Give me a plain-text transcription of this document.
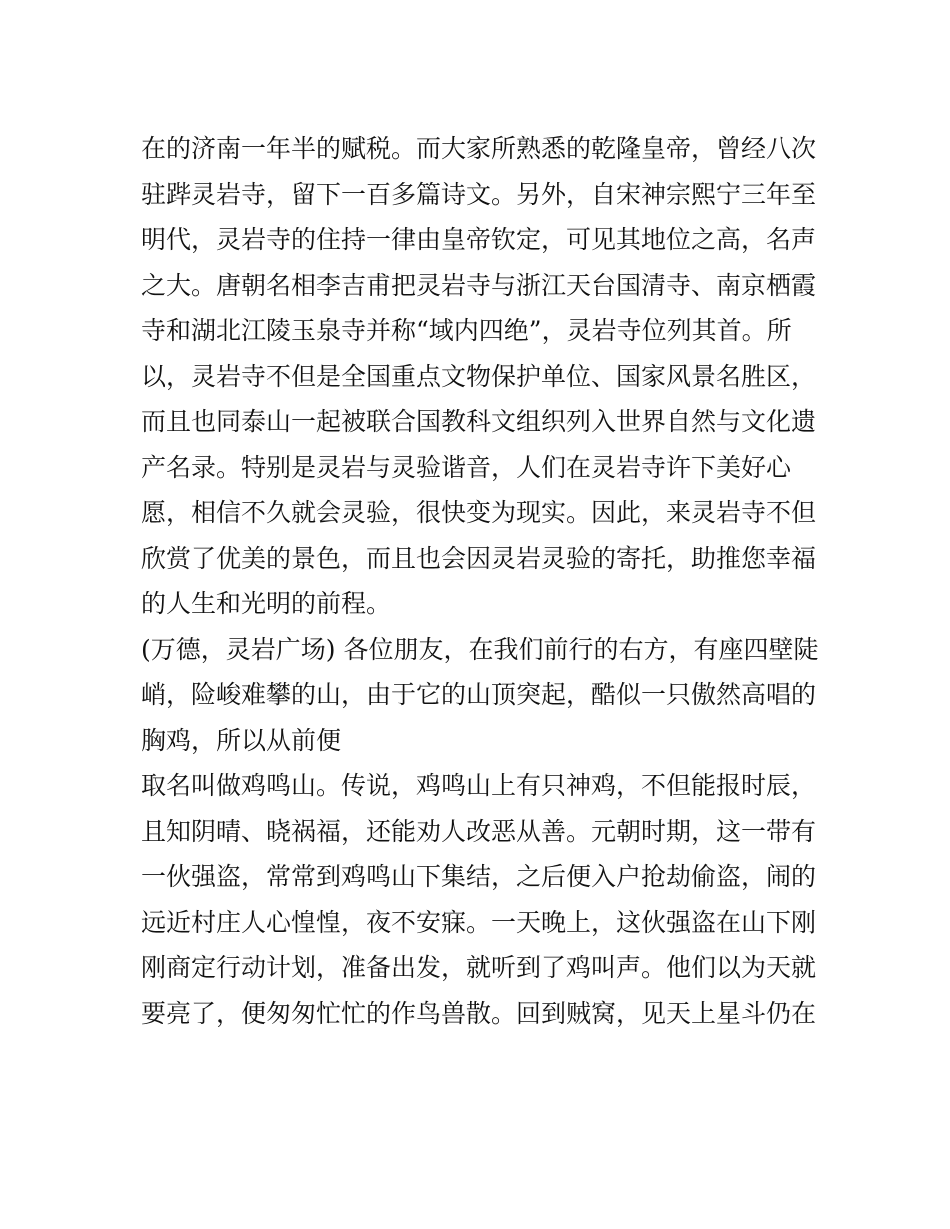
在的济南一年半的赋税。而大家所熟悉的乾隆皇帝，曾经八次
驻跸灵岩寺，留下一百多篇诗文。另外，自宋神宗熙宁三年至
明代，灵岩寺的住持一律由皇帝钦定，可见其地位之高，名声
之大。唐朝名相李吉甫把灵岩寺与浙江天台国清寺、南京栖霞
寺和湖北江陵玉泉寺并称“域内四绝”，灵岩寺位列其首。所
以，灵岩寺不但是全国重点文物保护单位、国家风景名胜区，
而且也同泰山一起被联合国教科文组织列入世界自然与文化遗
产名录。特别是灵岩与灵验谐音，人们在灵岩寺许下美好心
愿，相信不久就会灵验，很快变为现实。因此，来灵岩寺不但
欣赏了优美的景色，而且也会因灵岩灵验的寄托，助推您幸福
的人生和光明的前程。
(万德，灵岩广场) 各位朋友，在我们前行的右方，有座四壁陡
峭，险峻难攀的山，由于它的山顶突起，酷似一只傲然高唱的
胸鸡，所以从前便
取名叫做鸡鸣山。传说，鸡鸣山上有只神鸡，不但能报时辰，
且知阴晴、晓祸福，还能劝人改恶从善。元朝时期，这一带有
一伙强盗，常常到鸡鸣山下集结，之后便入户抢劫偷盗，闹的
远近村庄人心惶惶，夜不安寐。一天晚上，这伙强盗在山下刚
刚商定行动计划，准备出发，就听到了鸡叫声。他们以为天就
要亮了，便匆匆忙忙的作鸟兽散。回到贼窝，见天上星斗仍在
